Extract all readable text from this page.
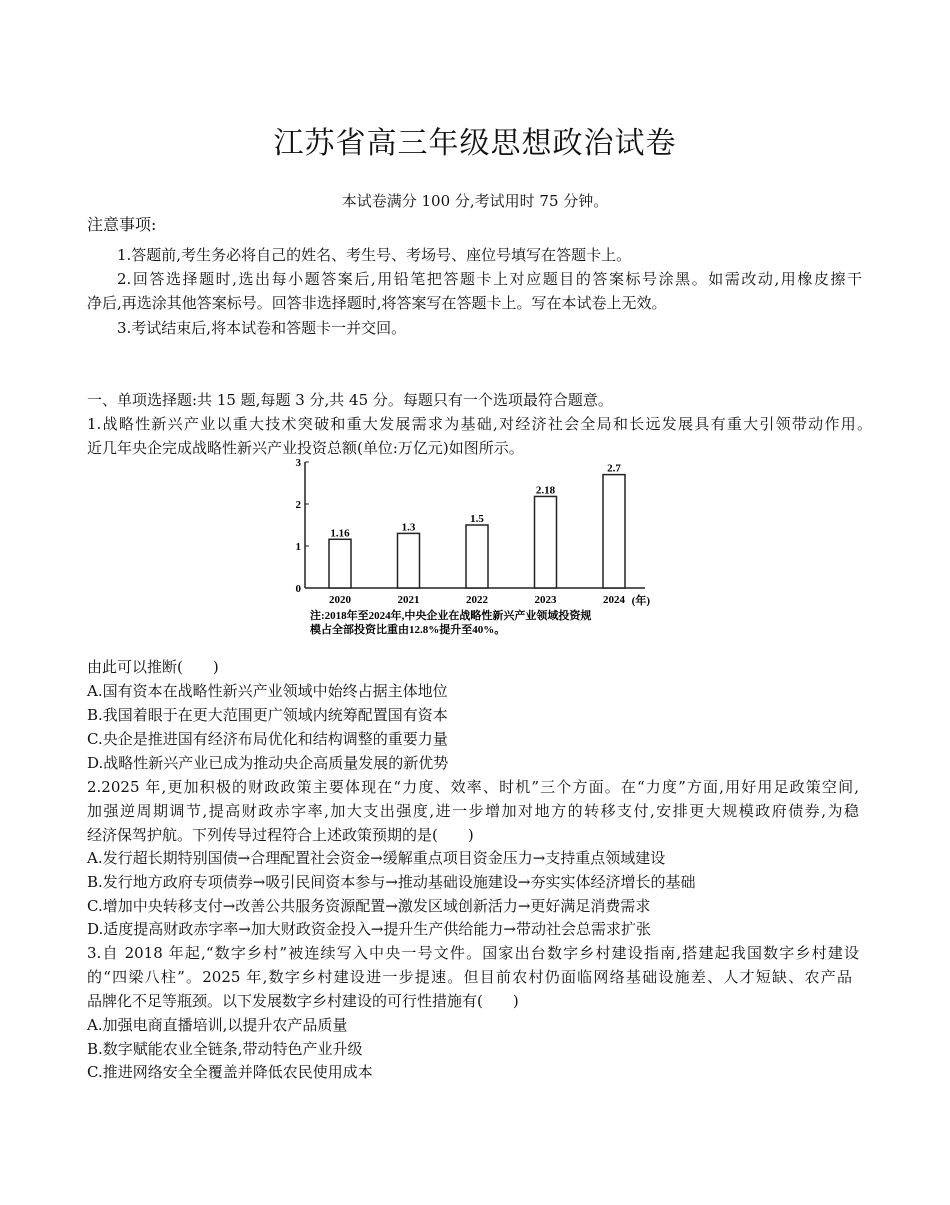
江苏省高三年级思想政治试卷
本试卷满分 100 分,考试用时 75 分钟。
注意事项:
1.答题前,考生务必将自己的姓名、考生号、考场号、座位号填写在答题卡上。
2.回答选择题时,选出每小题答案后,用铅笔把答题卡上对应题目的答案标号涂黑。如需改动,用橡皮擦干
净后,再选涂其他答案标号。回答非选择题时,将答案写在答题卡上。写在本试卷上无效。
3.考试结束后,将本试卷和答题卡一并交回。
一、单项选择题:共 15 题,每题 3 分,共 45 分。每题只有一个选项最符合题意。
1.战略性新兴产业以重大技术突破和重大发展需求为基础,对经济社会全局和长远发展具有重大引领带动作用。
近几年央企完成战略性新兴产业投资总额(单位:万亿元)如图所示。
0
1
2
3
1.16
2020
1.3
2021
1.5
2022
2.18
2023
2.7
2024 (年)
注:2018年至2024年,中央企业在战略性新兴产业领域投资规
模占全部投资比重由12.8%提升至40%。
由此可以推断(　　)
A.国有资本在战略性新兴产业领域中始终占据主体地位
B.我国着眼于在更大范围更广领域内统筹配置国有资本
C.央企是推进国有经济布局优化和结构调整的重要力量
D.战略性新兴产业已成为推动央企高质量发展的新优势
2.2025 年,更加积极的财政政策主要体现在“力度、效率、时机”三个方面。在“力度”方面,用好用足政策空间,
加强逆周期调节,提高财政赤字率,加大支出强度,进一步增加对地方的转移支付,安排更大规模政府债券,为稳
经济保驾护航。下列传导过程符合上述政策预期的是(　　)
A.发行超长期特别国债→合理配置社会资金→缓解重点项目资金压力→支持重点领域建设
B.发行地方政府专项债券→吸引民间资本参与→推动基础设施建设→夯实实体经济增长的基础
C.增加中央转移支付→改善公共服务资源配置→激发区域创新活力→更好满足消费需求
D.适度提高财政赤字率→加大财政资金投入→提升生产供给能力→带动社会总需求扩张
3.自 2018 年起,“数字乡村”被连续写入中央一号文件。国家出台数字乡村建设指南,搭建起我国数字乡村建设
的“四梁八柱”。2025 年,数字乡村建设进一步提速。但目前农村仍面临网络基础设施差、人才短缺、农产品
品牌化不足等瓶颈。以下发展数字乡村建设的可行性措施有(　　)
A.加强电商直播培训,以提升农产品质量
B.数字赋能农业全链条,带动特色产业升级
C.推进网络安全全覆盖并降低农民使用成本
